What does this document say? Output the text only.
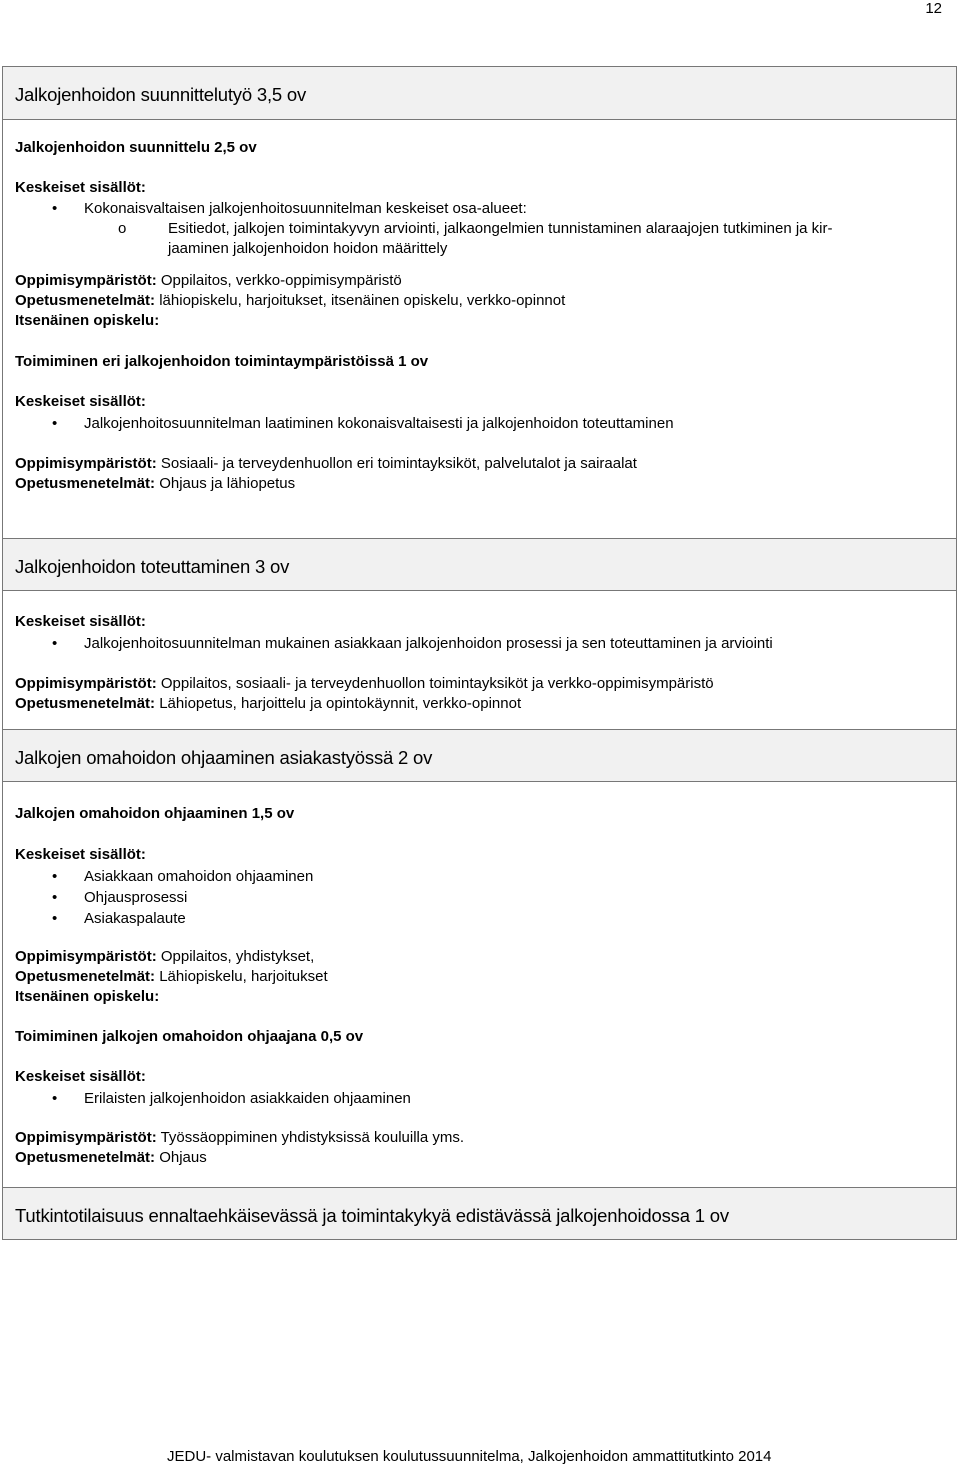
12
Jalkojenhoidon suunnittelutyö 3,5 ov

Jalkojenhoidon suunnittelu 2,5 ov

Keskeiset sisällöt:

• Kokonaisvaltaisen jalkojenhoitosuunnitelman keskeiset osa-alueet:
o	Esitiedot, jalkojen toimintakyvyn arviointi, jalkaongelmien tunnistaminen alaraajojen tutkiminen ja kir-
jaaminen jalkojenhoidon hoidon määrittely

Oppimisympäristöt: Oppilaitos, verkko-oppimisympäristö

Opetusmenetelmät: lähiopiskelu, harjoitukset, itsenäinen opiskelu, verkko-opinnot

Itsenäinen opiskelu:

Toimiminen eri jalkojenhoidon toimintaympäristöissä 1 ov

Keskeiset sisällöt:

• Jalkojenhoitosuunnitelman laatiminen kokonaisvaltaisesti ja jalkojenhoidon toteuttaminen

Oppimisympäristöt: Sosiaali- ja terveydenhuollon eri toimintayksiköt, palvelutalot ja sairaalat

Opetusmenetelmät: Ohjaus ja lähiopetus

Jalkojenhoidon toteuttaminen 3 ov

Keskeiset sisällöt:

• Jalkojenhoitosuunnitelman mukainen asiakkaan jalkojenhoidon prosessi ja sen toteuttaminen ja arviointi

Oppimisympäristöt: Oppilaitos, sosiaali- ja terveydenhuollon toimintayksiköt ja verkko-oppimisympäristö

Opetusmenetelmät: Lähiopetus, harjoittelu ja opintokäynnit, verkko-opinnot

Jalkojen omahoidon ohjaaminen asiakastyössä 2 ov

Jalkojen omahoidon ohjaaminen 1,5 ov

Keskeiset sisällöt:

• Asiakkaan omahoidon ohjaaminen
• Ohjausprosessi
• Asiakaspalaute

Oppimisympäristöt: Oppilaitos, yhdistykset,

Opetusmenetelmät: Lähiopiskelu, harjoitukset

Itsenäinen opiskelu:

Toimiminen jalkojen omahoidon ohjaajana 0,5 ov

Keskeiset sisällöt:

• Erilaisten jalkojenhoidon asiakkaiden ohjaaminen

Oppimisympäristöt: Työssäoppiminen yhdistyksissä kouluilla yms.

Opetusmenetelmät: Ohjaus

Tutkintotilaisuus ennaltaehkäisevässä ja toimintakykyä edistävässä jalkojenhoidossa 1 ov
JEDU- valmistavan koulutuksen koulutussuunnitelma, Jalkojenhoidon ammattitutkinto 2014
